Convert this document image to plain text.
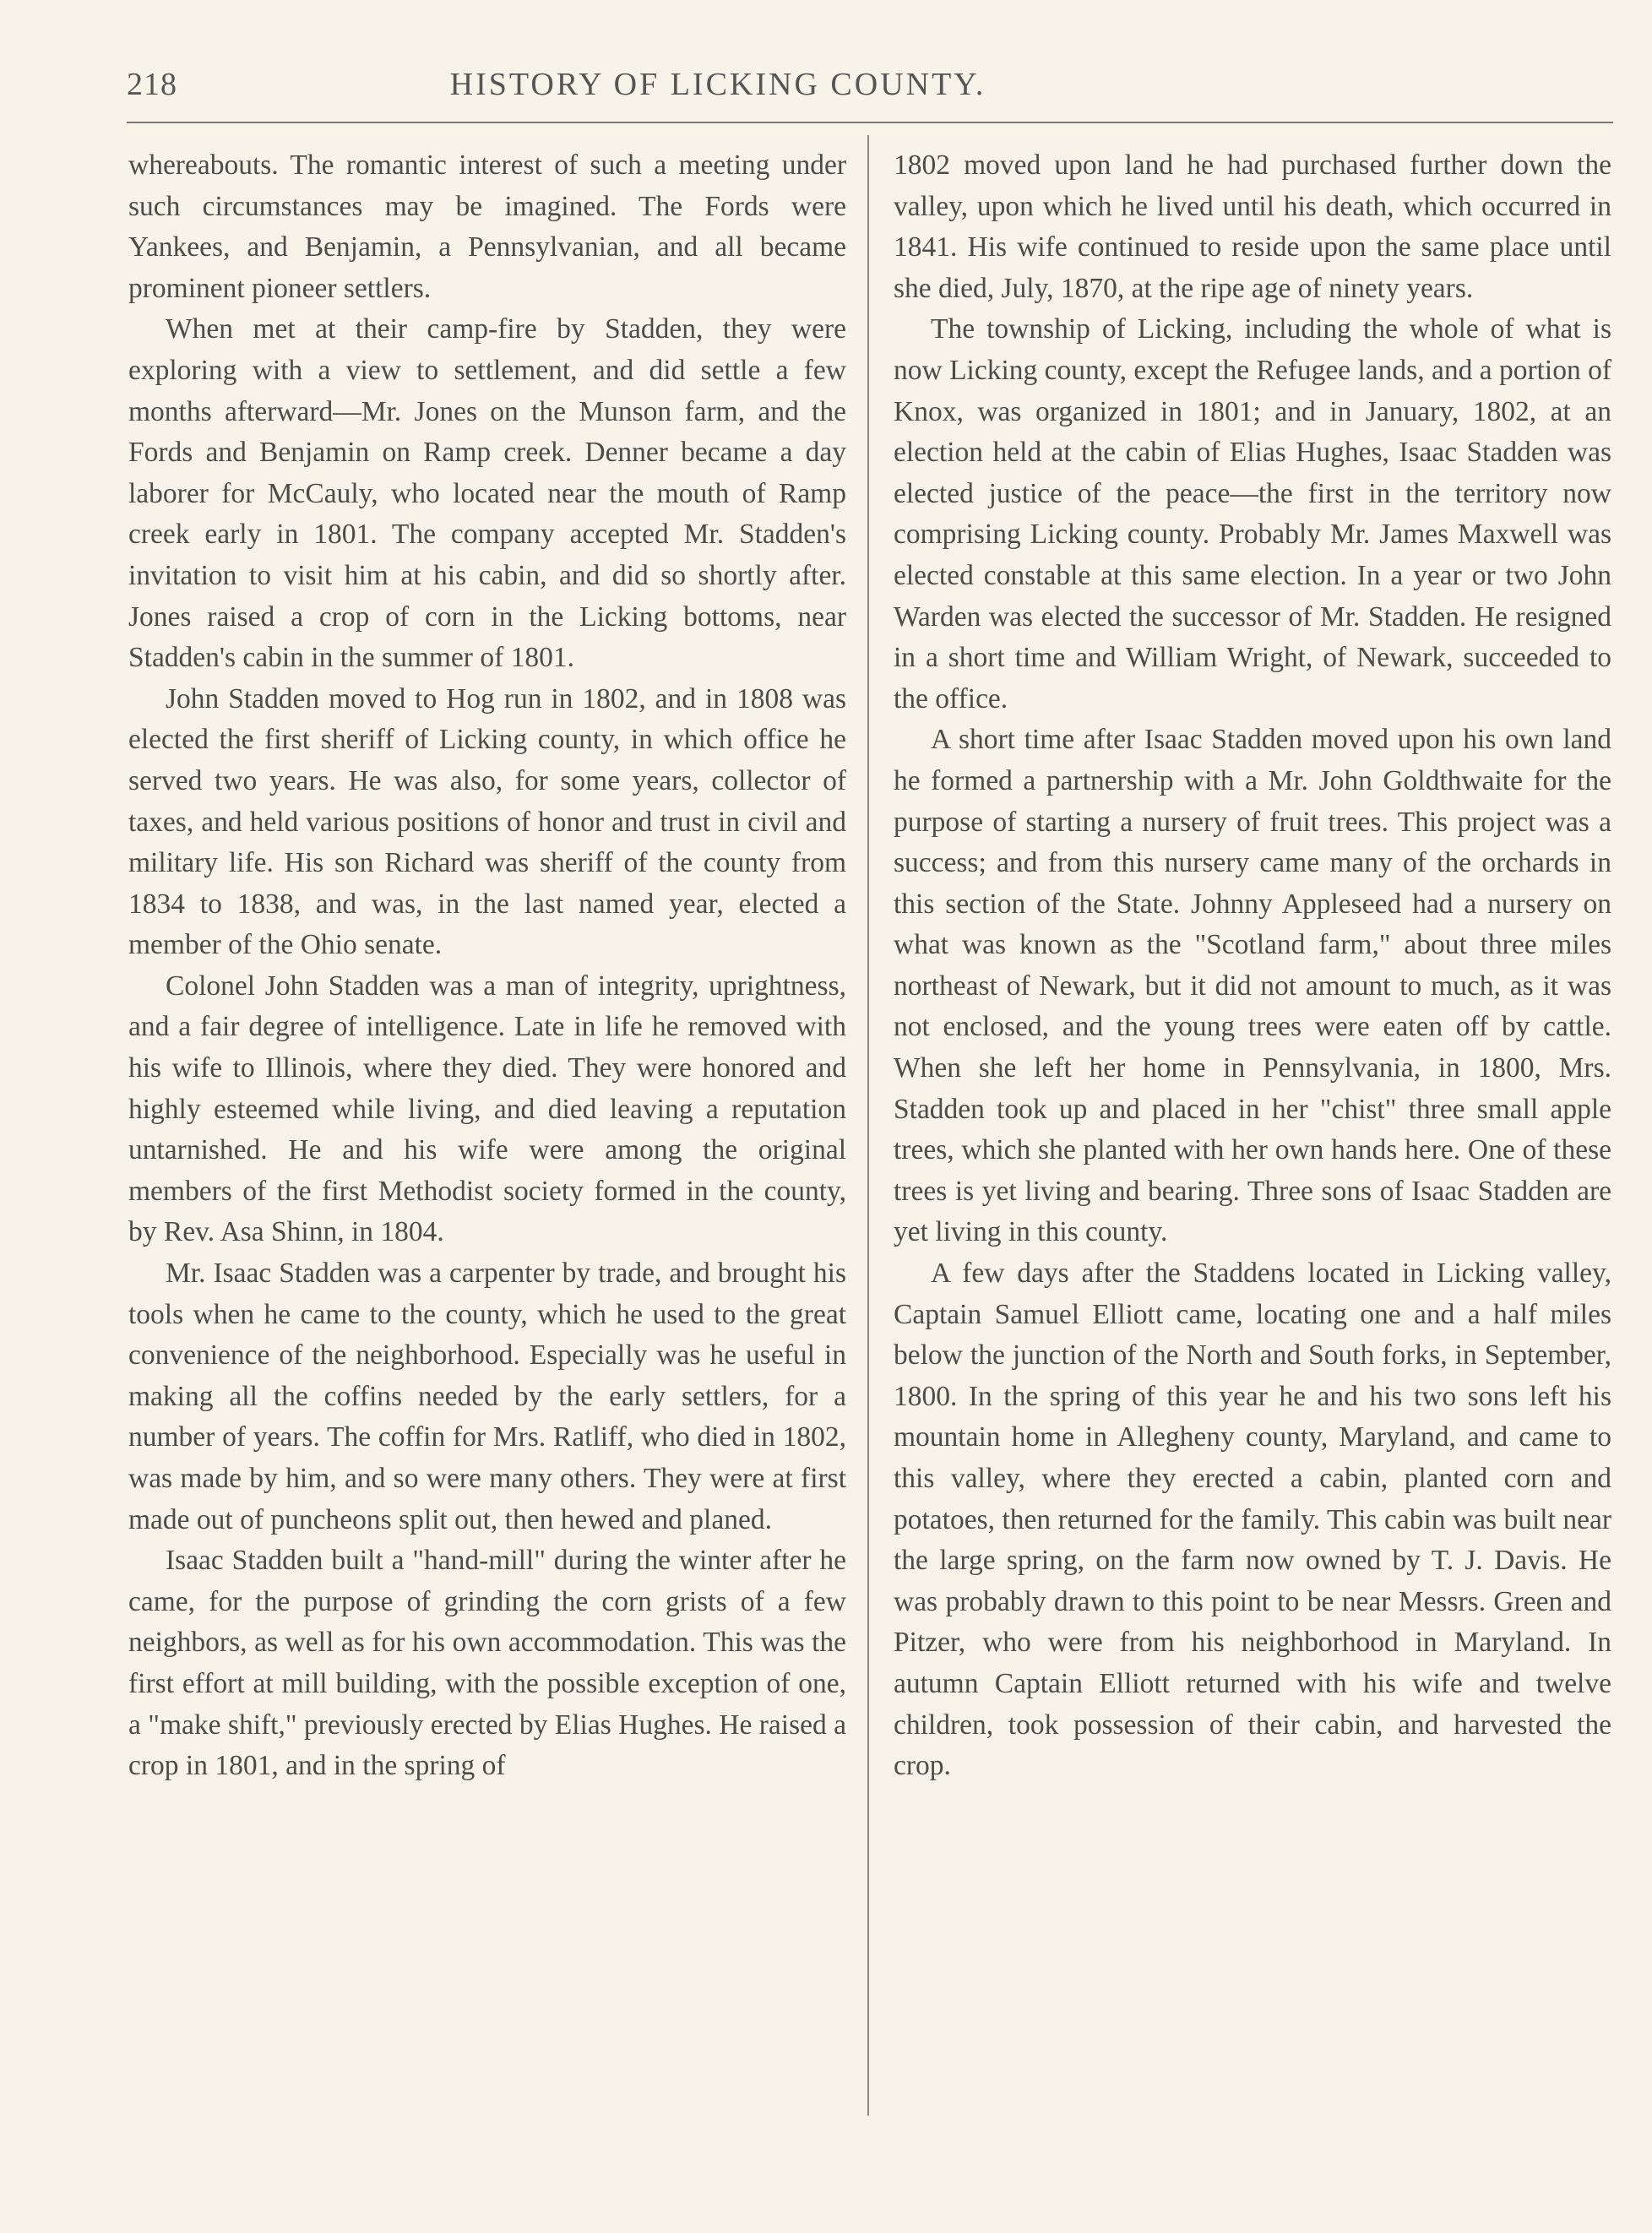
218	HISTORY OF LICKING COUNTY.

whereabouts. The romantic interest of such a meeting under such circumstances may be imagined. The Fords were Yankees, and Benjamin, a Pennsylvanian, and all became prominent pioneer settlers.

When met at their camp-fire by Stadden, they were exploring with a view to settlement, and did settle a few months afterward—Mr. Jones on the Munson farm, and the Fords and Benjamin on Ramp creek. Denner became a day laborer for McCauly, who located near the mouth of Ramp creek early in 1801. The company accepted Mr. Stadden's invitation to visit him at his cabin, and did so shortly after. Jones raised a crop of corn in the Licking bottoms, near Stadden's cabin in the summer of 1801.

John Stadden moved to Hog run in 1802, and in 1808 was elected the first sheriff of Licking county, in which office he served two years. He was also, for some years, collector of taxes, and held various positions of honor and trust in civil and military life. His son Richard was sheriff of the county from 1834 to 1838, and was, in the last named year, elected a member of the Ohio senate.

Colonel John Stadden was a man of integrity, uprightness, and a fair degree of intelligence. Late in life he removed with his wife to Illinois, where they died. They were honored and highly esteemed while living, and died leaving a reputation untarnished. He and his wife were among the original members of the first Methodist society formed in the county, by Rev. Asa Shinn, in 1804.

Mr. Isaac Stadden was a carpenter by trade, and brought his tools when he came to the county, which he used to the great convenience of the neighborhood. Especially was he useful in making all the coffins needed by the early settlers, for a number of years. The coffin for Mrs. Ratliff, who died in 1802, was made by him, and so were many others. They were at first made out of puncheons split out, then hewed and planed.

Isaac Stadden built a "hand-mill" during the winter after he came, for the purpose of grinding the corn grists of a few neighbors, as well as for his own accommodation. This was the first effort at mill building, with the possible exception of one, a "make shift," previously erected by Elias Hughes. He raised a crop in 1801, and in the spring of

1802 moved upon land he had purchased further down the valley, upon which he lived until his death, which occurred in 1841. His wife continued to reside upon the same place until she died, July, 1870, at the ripe age of ninety years.

The township of Licking, including the whole of what is now Licking county, except the Refugee lands, and a portion of Knox, was organized in 1801; and in January, 1802, at an election held at the cabin of Elias Hughes, Isaac Stadden was elected justice of the peace—the first in the territory now comprising Licking county. Probably Mr. James Maxwell was elected constable at this same election. In a year or two John Warden was elected the successor of Mr. Stadden. He resigned in a short time and William Wright, of Newark, succeeded to the office.

A short time after Isaac Stadden moved upon his own land he formed a partnership with a Mr. John Goldthwaite for the purpose of starting a nursery of fruit trees. This project was a success; and from this nursery came many of the orchards in this section of the State. Johnny Appleseed had a nursery on what was known as the "Scotland farm," about three miles northeast of Newark, but it did not amount to much, as it was not enclosed, and the young trees were eaten off by cattle. When she left her home in Pennsylvania, in 1800, Mrs. Stadden took up and placed in her "chist" three small apple trees, which she planted with her own hands here. One of these trees is yet living and bearing. Three sons of Isaac Stadden are yet living in this county.

A few days after the Staddens located in Licking valley, Captain Samuel Elliott came, locating one and a half miles below the junction of the North and South forks, in September, 1800. In the spring of this year he and his two sons left his mountain home in Allegheny county, Maryland, and came to this valley, where they erected a cabin, planted corn and potatoes, then returned for the family. This cabin was built near the large spring, on the farm now owned by T. J. Davis. He was probably drawn to this point to be near Messrs. Green and Pitzer, who were from his neighborhood in Maryland. In autumn Captain Elliott returned with his wife and twelve children, took possession of their cabin, and harvested the crop.
